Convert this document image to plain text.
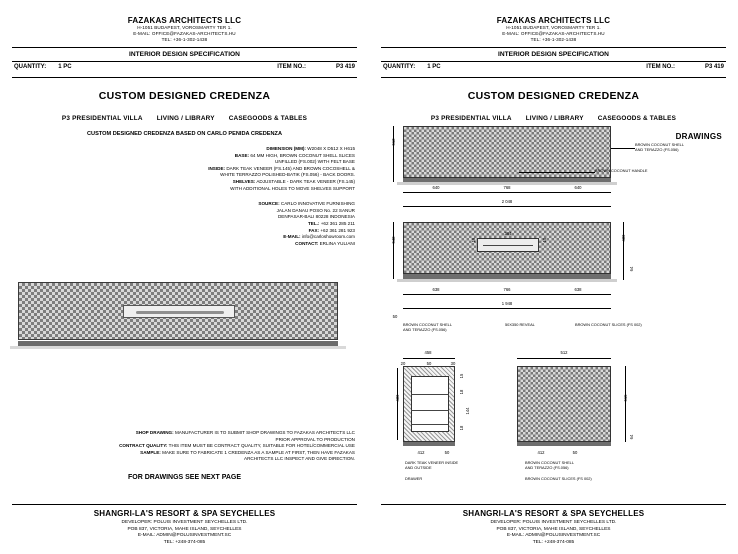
FAZAKAS ARCHITECTS LLC
H-1051 BUDAPEST, VOROSMARTY TER 1.
E-MAIL: OFFICE@FAZAKAS-ARCHITECTS.HU
TEL: +36-1-302-1438
INTERIOR DESIGN SPECIFICATION
QUANTITY: 1 PC	ITEM NO.:	P3 419
CUSTOM DESIGNED CREDENZA
P3 PRESIDENTIAL VILLA LIVING / LIBRARY CASEGOODS & TABLES
CUSTOM DESIGNED CREDENZA BASED ON CARLO PENIDA CREDENZA
DIMENSION (MM): W2048 X D512 X H615
BASE: 64 MM HIGH, BROWN COCONUT SHELL SLICES
UNFILLED (FS.002) WITH FELT BASE
INSIDE: DARK TEAK VENEER (FS.145) AND BROWN COCOSHELL &
WHITE TERRAZZO POLISHED-BATIK (FS.056) - BACK DOORS.
SHELVES: ADJUSTABLE - DARK TEAK VENEER (FS.145)
WITH ADDITIONAL HOLES TO MOVE SHELVES SUPPORT
SOURCE: CARLO INNOVATIVE FURNISHING
JALAN DANAU POSO No. 22 SANUR
DENPASAR-BALI 80228 INDONESIA
TEL.: +62 361 285 211
FAX: +62 361 281 923
E-MAIL: info@carloshowroom.com
CONTACT: ERLINA YULIANI
SHOP DRAWING: MANUFACTURER IS TO SUBMIT SHOP DRAWINGS TO FAZAKAS ARCHITECTS LLC
PRIOR APPROVAL TO PRODUCTION
CONTRACT QUALITY: THIS ITEM MUST BE CONTRACT QUALITY, SUITABLE FOR HOTEL/COMMERCIAL USE
SAMPLE: MAKE SURE TO FABRICATE 1 CREDENZA AS A SAMPLE AT FIRST, THEN HAVE FAZAKAS
ARCHITECTS LLC INSPECT AND GIVE DIRECTION.
FOR DRAWINGS SEE NEXT PAGE
SHANGRI-LA'S RESORT & SPA SEYCHELLES
DEVELOPER: POLUIS INVESTMENT SEYCHELLES LTD.
POB 837, VICTORIA, MAHE ISLAND, SEYCHELLES
E-MAIL: ADMIN@POLUSINVESTMENT.SC
TEL: +248-374-085
FAZAKAS ARCHITECTS LLC
H-1051 BUDAPEST, VOROSMARTY TER 1.
E-MAIL: OFFICE@FAZAKAS-ARCHITECTS.HU
TEL: +36-1-302-1438
INTERIOR DESIGN SPECIFICATION
QUANTITY: 1 PC	ITEM NO.:	P3 419
CUSTOM DESIGNED CREDENZA
P3 PRESIDENTIAL VILLA LIVING / LIBRARY CASEGOODS & TABLES
DRAWINGS
512
640	768	640
2 048
BROWN COCONUT SHELL
AND TERAZZO (FS.056)
BROWN COCONUT HANDLE
548	480
64
15	15
384
638	766	638
1 948
50
BROWN COCONUT SHELL
AND TERAZZO (FS.056)
50X350 REVEAL	BROWN COCONUT SLICES (FS 002)
458
20	50	30
480
15
18
144
18
412	50
DARK TEAK VENEER INSIDE
AND OUTSIDE
DRAWER
512
615
64
412	50
BROWN COCONUT SHELL
AND TERAZZO (FS.056)
BROWN COCONUT SLICES (FS 002)
SHANGRI-LA'S RESORT & SPA SEYCHELLES
DEVELOPER: POLUIS INVESTMENT SEYCHELLES LTD.
POB 837, VICTORIA, MAHE ISLAND, SEYCHELLES
E-MAIL: ADMIN@POLUSINVESTMENT.SC
TEL: +248-374-085
